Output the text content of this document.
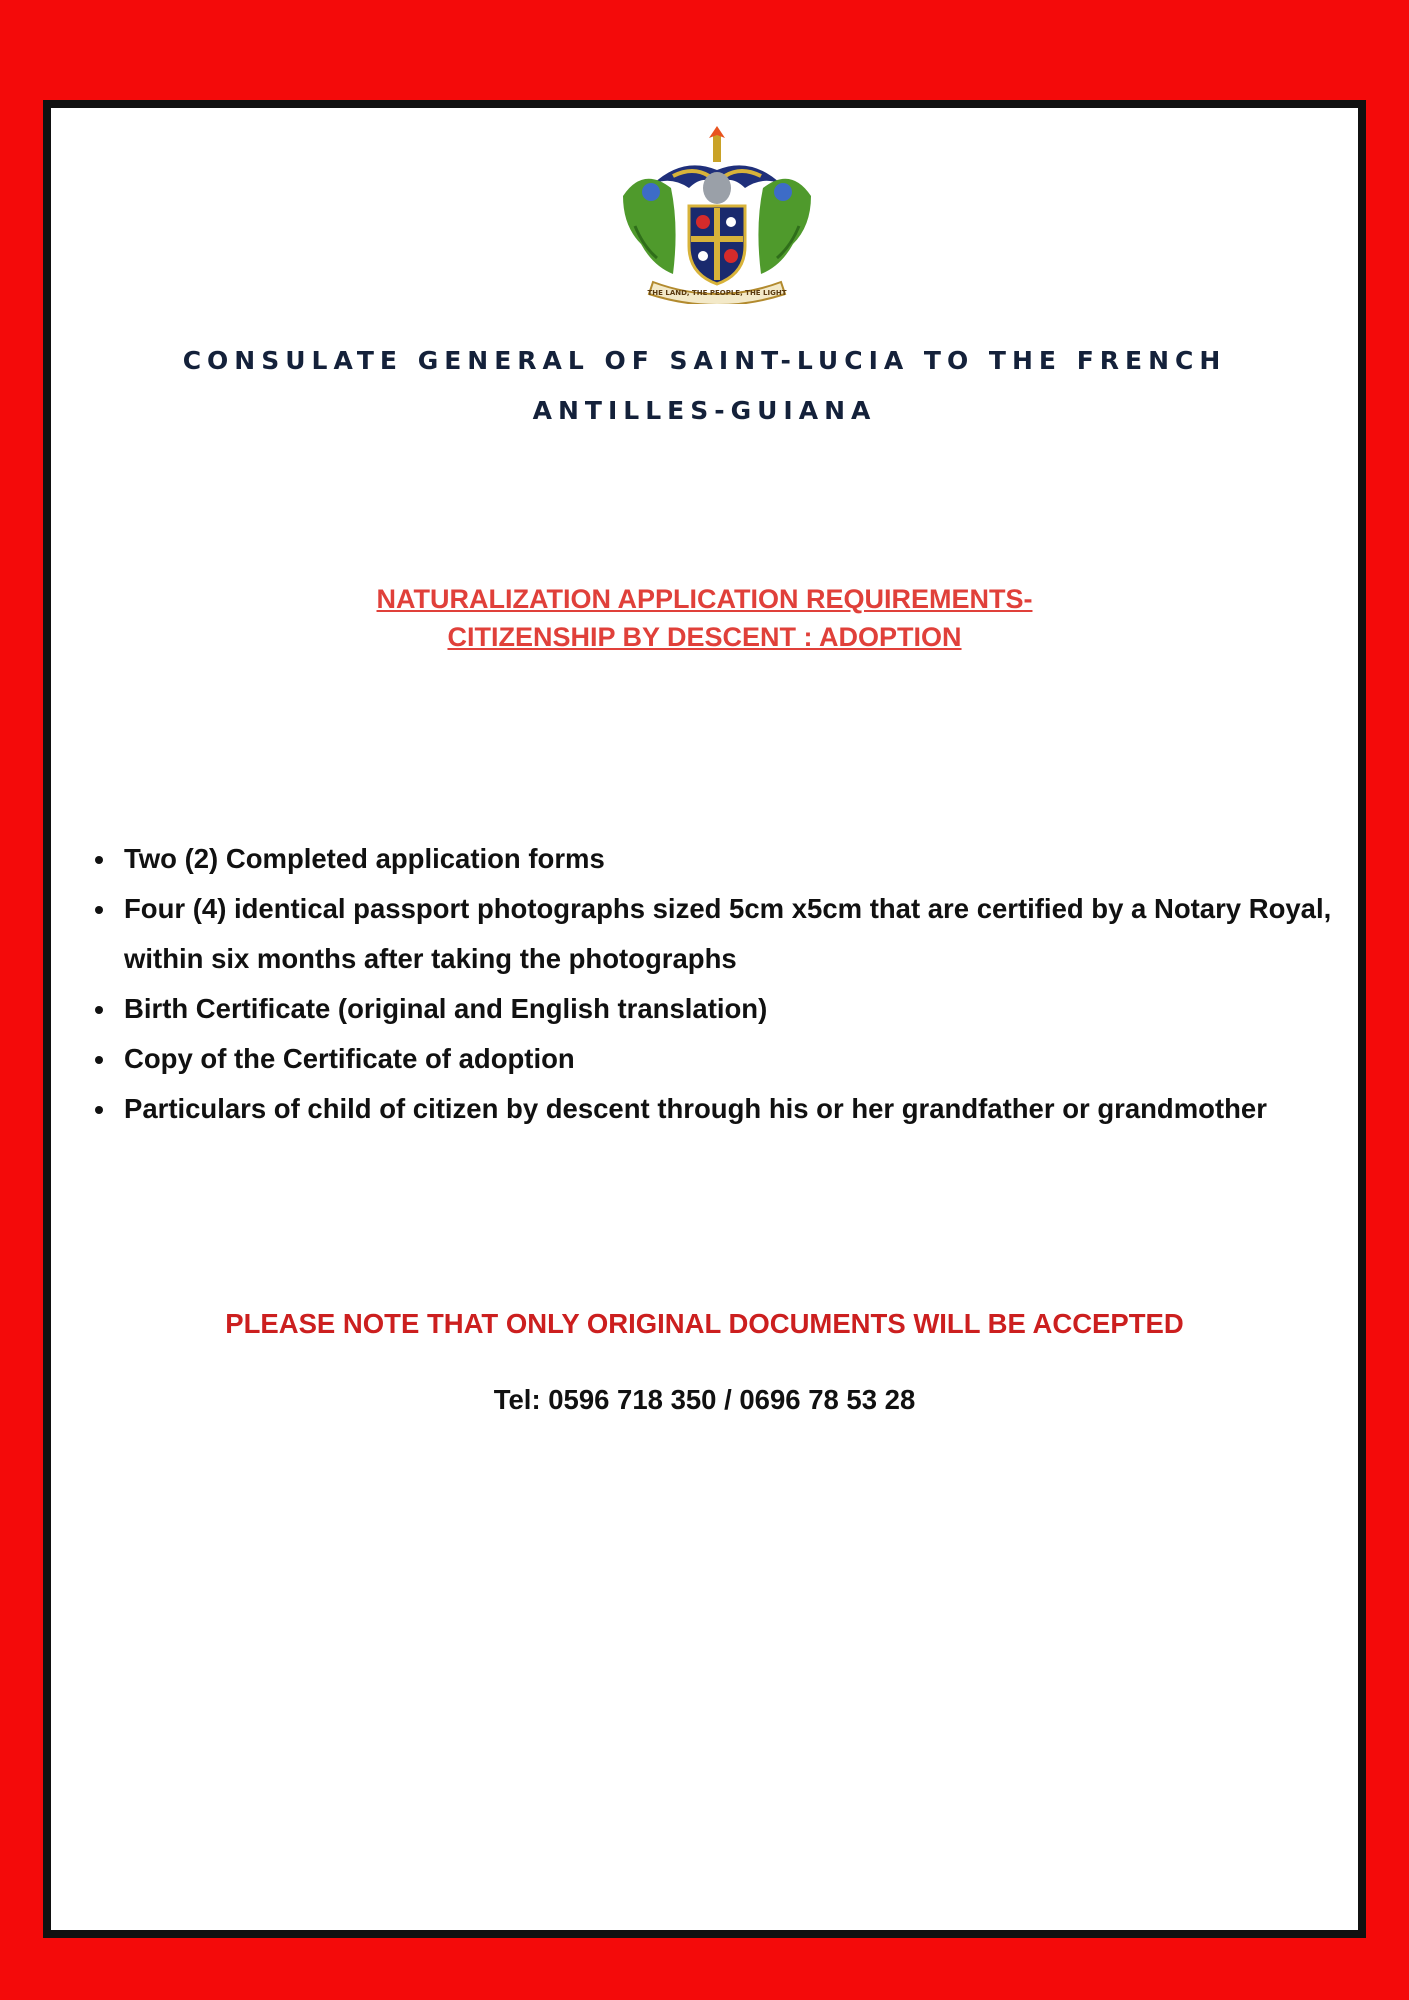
THE LAND, THE PEOPLE, THE LIGHT
CONSULATE GENERAL OF SAINT-LUCIA TO THE FRENCH
ANTILLES-GUIANA
NATURALIZATION APPLICATION REQUIREMENTS-
CITIZENSHIP BY DESCENT : ADOPTION
• Two (2) Completed application forms
• Four (4) identical passport photographs sized 5cm x5cm that are certified by a Notary Royal, within six months after taking the photographs
• Birth Certificate (original and English translation)
• Copy of the Certificate of adoption
• Particulars of child of citizen by descent through his or her grandfather or grandmother
PLEASE NOTE THAT ONLY ORIGINAL DOCUMENTS WILL BE ACCEPTED
Tel: 0596 718 350 / 0696 78 53 28
